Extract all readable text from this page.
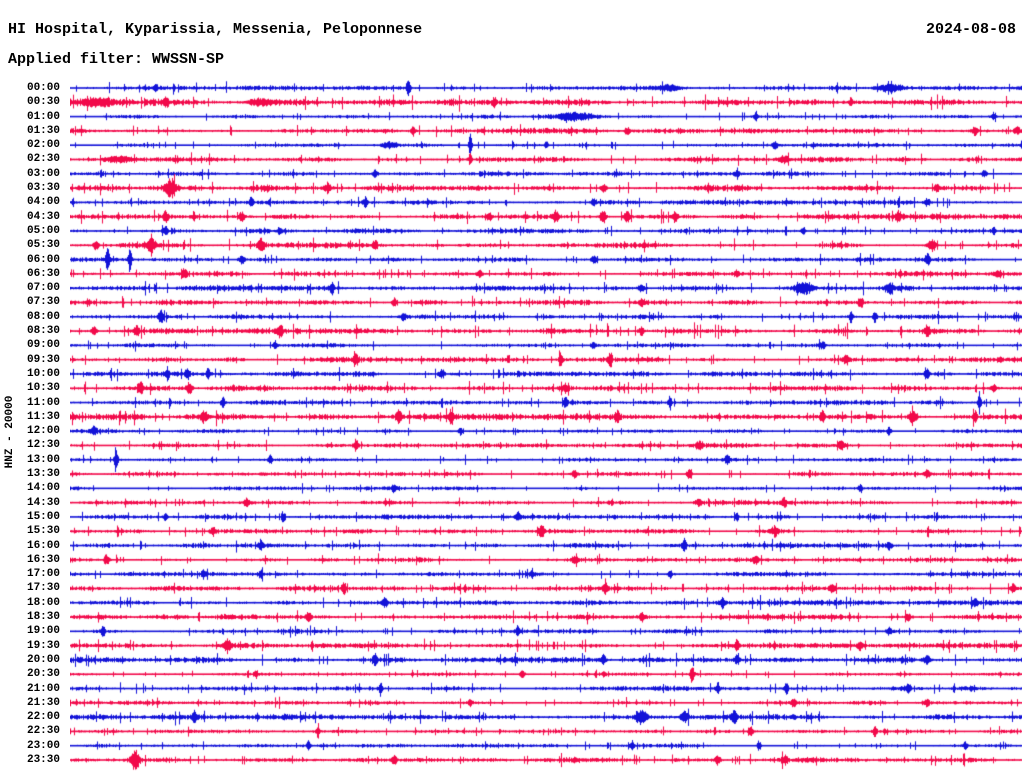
HI Hospital, Kyparissia, Messenia, Peloponnese	2024-08-08
Applied filter: WWSSN-SP
HNZ - 20000
00:00
00:30
01:00
01:30
02:00
02:30
03:00
03:30
04:00
04:30
05:00
05:30
06:00
06:30
07:00
07:30
08:00
08:30
09:00
09:30
10:00
10:30
11:00
11:30
12:00
12:30
13:00
13:30
14:00
14:30
15:00
15:30
16:00
16:30
17:00
17:30
18:00
18:30
19:00
19:30
20:00
20:30
21:00
21:30
22:00
22:30
23:00
23:30
